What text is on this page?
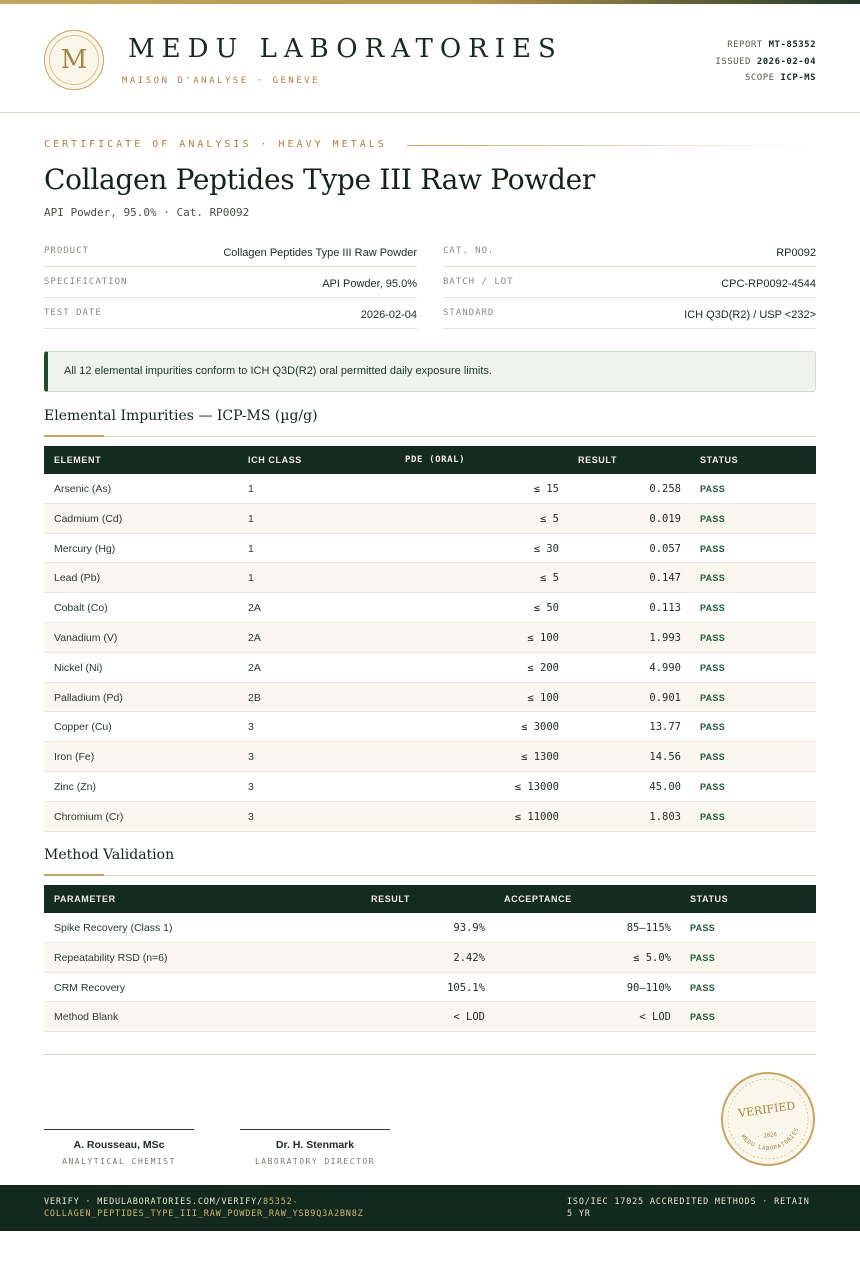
M	MEDU LABORATORIES
MAISON D'ANALYSE · GENÈVE
REPORT MT-85352
ISSUED 2026-02-04
SCOPE ICP-MS
CERTIFICATE OF ANALYSIS · HEAVY METALS
Collagen Peptides Type III Raw Powder
API Powder, 95.0% · Cat. RP0092
PRODUCT	Collagen Peptides Type III Raw Powder
SPECIFICATION	API Powder, 95.0%
TEST DATE	2026-02-04
CAT. NO.	RP0092
BATCH / LOT	CPC-RP0092-4544
STANDARD	ICH Q3D(R2) / USP <232>
All 12 elemental impurities conform to ICH Q3D(R2) oral permitted daily exposure limits.
Elemental Impurities — ICP-MS (µg/g)
ELEMENT	ICH CLASS	PDE (ORAL)	RESULT	STATUS
Arsenic (As)	1	≤ 15	0.258 PASS
Cadmium (Cd)	1	≤ 5	0.019 PASS
Mercury (Hg)	1	≤ 30	0.057 PASS
Lead (Pb)	1	≤ 5	0.147 PASS
Cobalt (Co)	2A	≤ 50	0.113 PASS
Vanadium (V)	2A	≤ 100	1.993 PASS
Nickel (Ni)	2A	≤ 200	4.990 PASS
Palladium (Pd)	2B	≤ 100	0.901 PASS
Copper (Cu)	3	≤ 3000	13.77 PASS
Iron (Fe)	3	≤ 1300	14.56 PASS
Zinc (Zn)	3	≤ 13000	45.00 PASS
Chromium (Cr)	3	≤ 11000	1.803 PASS
Method Validation
PARAMETER	RESULT	ACCEPTANCE	STATUS
Spike Recovery (Class 1)	93.9%	85–115% PASS
Repeatability RSD (n=6)	2.42%	≤ 5.0% PASS
CRM Recovery	105.1%	90–110% PASS
Method Blank	< LOD	< LOD PASS
A. Rousseau, MSc
ANALYTICAL CHEMIST
Dr. H. Stenmark
LABORATORY DIRECTOR
VERIFIED
MEDU LABORATORIES
· 2026 ·
VERIFY · MEDULABORATORIES.COM/VERIFY/85352-COLLAGEN_PEPTIDES_TYPE_III_RAW_POWDER_RAW_YSB9Q3A2BN8Z
ISO/IEC 17025 ACCREDITED METHODS · RETAIN 5 YR
